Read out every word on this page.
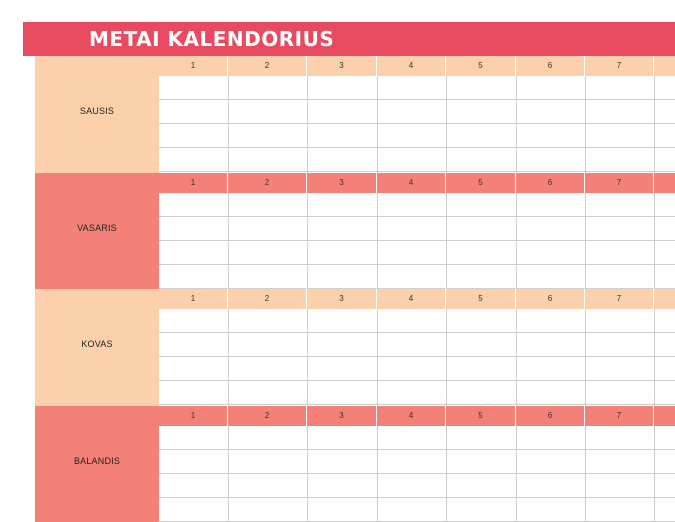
METAI KALENDORIUS
SAUSIS
1	2	3	4	5	6	7
VASARIS
1	2	3	4	5	6	7
KOVAS
1	2	3	4	5	6	7
BALANDIS
1	2	3	4	5	6	7
